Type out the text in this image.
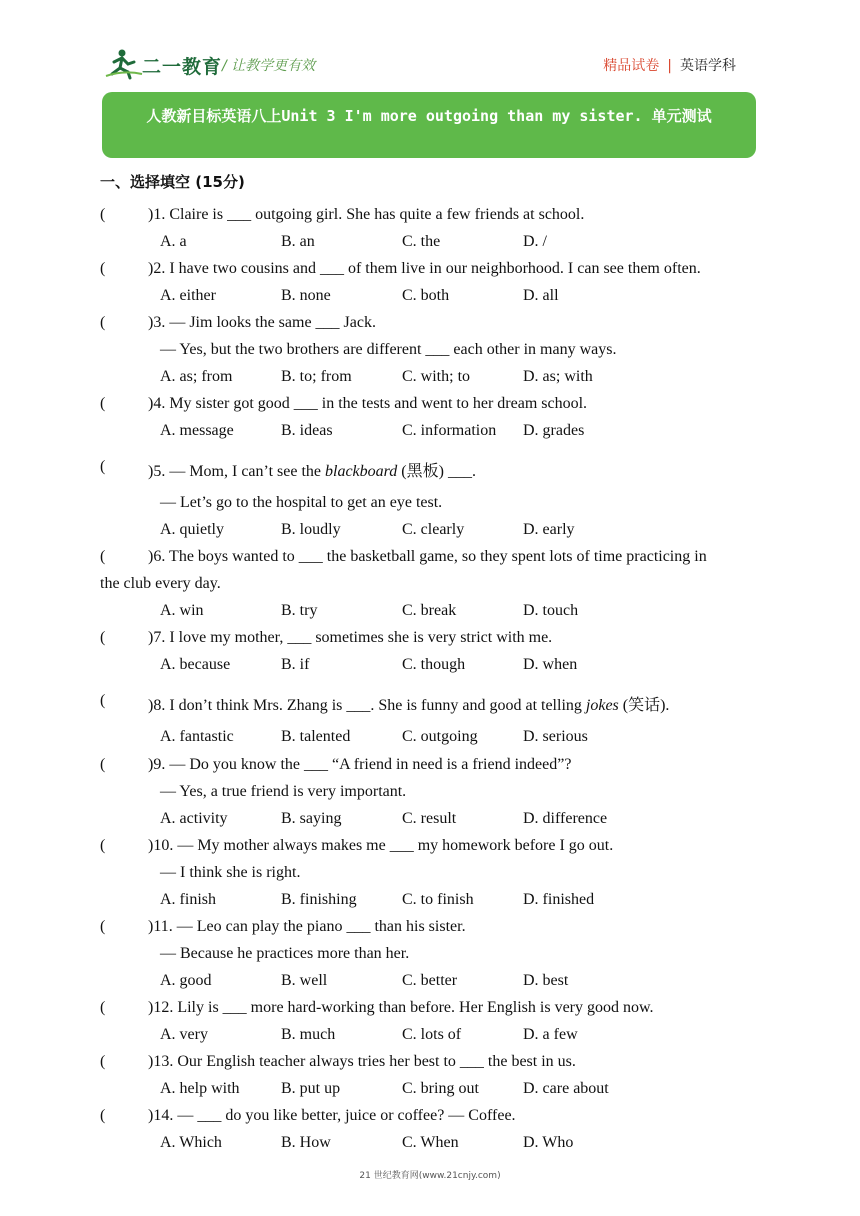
二一教育 / 让教学更有效	精品试卷 | 英语学科
人教新目标英语八上Unit 3 I'm more outgoing than my sister. 单元测试
一、选择填空 (15分)
(	)1. Claire is ___ outgoing girl. She has quite a few friends at school.
A. a	B. an	C. the	D. /
(	)2. I have two cousins and ___ of them live in our neighborhood. I can see them often.
A. either	B. none	C. both	D. all
(	)3. — Jim looks the same ___ Jack.
— Yes, but the two brothers are different ___ each other in many ways.
A. as; from	B. to; from	C. with; to	D. as; with
(	)4. My sister got good ___ in the tests and went to her dream school.
A. message	B. ideas	C. information D. grades
(	)5. — Mom, I can’t see the blackboard (黑板) ___.
— Let’s go to the hospital to get an eye test.
A. quietly	B. loudly	C. clearly	D. early
(	)6. The boys wanted to ___ the basketball game, so they spent lots of time practicing in
the club every day.
A. win	B. try	C. break	D. touch
(	)7. I love my mother, ___ sometimes she is very strict with me.
A. because	B. if	C. though	D. when
(	)8. I don’t think Mrs. Zhang is ___. She is funny and good at telling jokes (笑话).
A. fantastic	B. talented	C. outgoing	D. serious
(	)9. — Do you know the ___ “A friend in need is a friend indeed”?
— Yes, a true friend is very important.
A. activity	B. saying	C. result	D. difference
(	)10. — My mother always makes me ___ my homework before I go out.
— I think she is right.
A. finish	B. finishing	C. to finish	D. finished
(	)11. — Leo can play the piano ___ than his sister.
— Because he practices more than her.
A. good	B. well	C. better	D. best
(	)12. Lily is ___ more hard-working than before. Her English is very good now.
A. very	B. much	C. lots of	D. a few
(	)13. Our English teacher always tries her best to ___ the best in us.
A. help with	B. put up	C. bring out	D. care about
(	)14. — ___ do you like better, juice or coffee? — Coffee.
A. Which	B. How	C. When	D. Who
21 世纪教育网(www.21cnjy.com)
